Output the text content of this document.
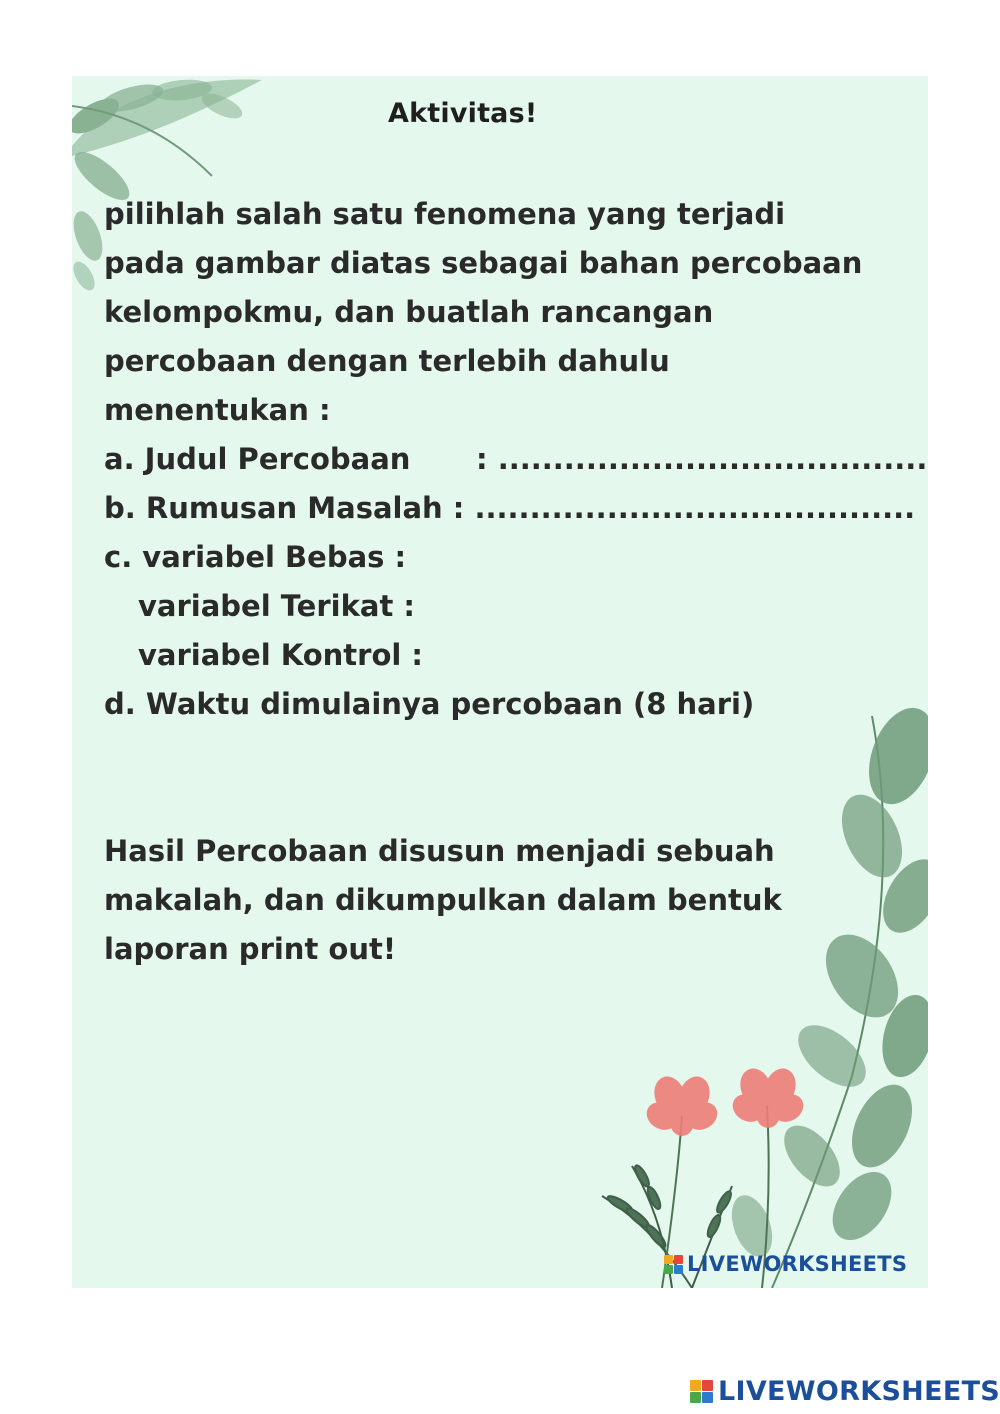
Aktivitas!
pilihlah salah satu fenomena yang terjadi
pada gambar diatas sebagai bahan percobaan
kelompokmu, dan buatlah rancangan
percobaan dengan terlebih dahulu
menentukan :
a. Judul Percobaan : .......................................
b. Rumusan Masalah : ........................................
c. variabel Bebas :
variabel Terikat :
variabel Kontrol :
d. Waktu dimulainya percobaan (8 hari)
Hasil Percobaan disusun menjadi sebuah
makalah, dan dikumpulkan dalam bentuk
laporan print out!
LIVEWORKSHEETS
LIVEWORKSHEETS
